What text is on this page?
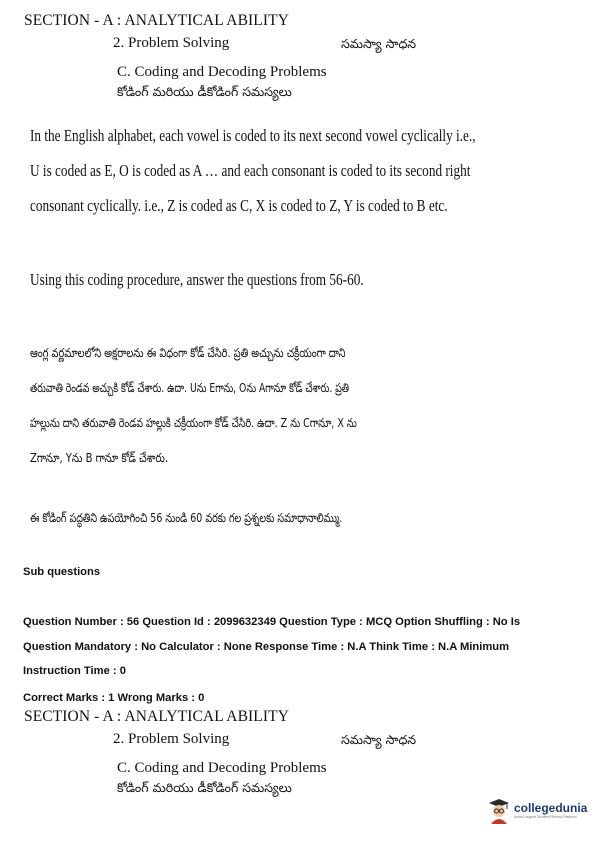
SECTION - A : ANALYTICAL ABILITY
2. Problem Solving	సమస్యా సాధన
C. Coding and Decoding Problems
కోడింగ్ మరియు డీకోడింగ్ సమస్యలు
In the English alphabet, each vowel is coded to its next second vowel cyclically i.e.,
U is coded as E, O is coded as A … and each consonant is coded to its second right
consonant cyclically. i.e., Z is coded as C, X is coded to Z, Y is coded to B etc.
Using this coding procedure, answer the questions from 56-60.
ఆంగ్ల వర్ణమాలలోని అక్షరాలను ఈ విధంగా కోడ్ చేసిరి. ప్రతి అచ్చును చక్రీయంగా దాని
తరువాతి రెండవ అచ్చుకి కోడ్ చేశారు. ఉదా. Uను Eగాను, Oను Aగానూ కోడ్ చేశారు. ప్రతి
హల్లును దాని తరువాతి రెండవ హల్లుకి చక్రీయంగా కోడ్ చేసిరి. ఉదా. Z ను Cగానూ, X ను
Zగానూ, Yను B గానూ కోడ్ చేశారు.
ఈ కోడింగ్ పద్ధతిని ఉపయోగించి 56 నుండి 60 వరకు గల ప్రశ్నలకు సమాధానాలిమ్ము.
Sub questions
Question Number : 56 Question Id : 2099632349 Question Type : MCQ Option Shuffling : No Is
Question Mandatory : No Calculator : None Response Time : N.A Think Time : N.A Minimum
Instruction Time : 0
Correct Marks : 1 Wrong Marks : 0
SECTION - A : ANALYTICAL ABILITY
2. Problem Solving	సమస్యా సాధన
C. Coding and Decoding Problems
కోడింగ్ మరియు డీకోడింగ్ సమస్యలు
collegedunia
India's largest Student Review Platform
